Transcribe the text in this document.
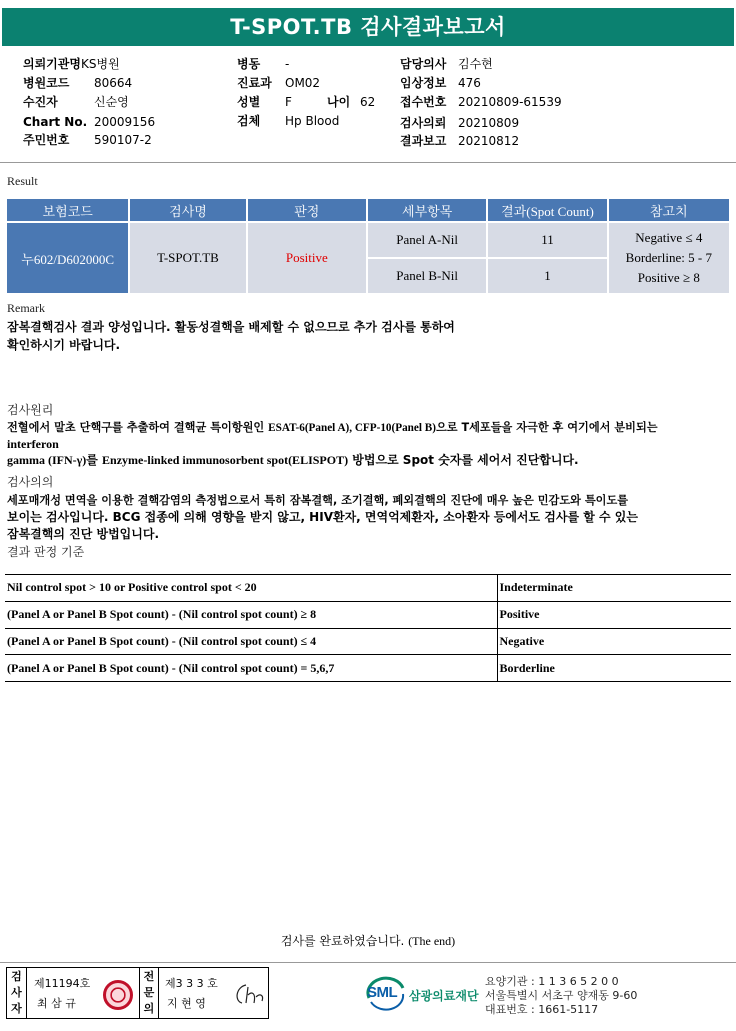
T-SPOT.TB 검사결과보고서
의뢰기관명 KS병원
병원코드 80664
수진자	신순영
Chart No. 20009156
주민번호 590107-2
병동 -
진료과 OM02
성별 F	나이 62
검체 Hp Blood
담당의사 김수현
임상정보 476
접수번호 20210809-61539
검사의뢰 20210809
결과보고 20210812
Result
보험코드	검사명	판정	세부항목	결과(Spot Count)	참고치
누602/D602000C	T-SPOT.TB	Positive	Panel A-Nil	11	Negative ≤ 4
Borderline: 5 - 7
Positive ≥ 8

			Panel B-Nil	1	
Remark
잠복결핵검사 결과 양성입니다. 활동성결핵을 배제할 수 없으므로 추가 검사를 통하여
확인하시기 바랍니다.
검사원리
전혈에서 말초 단핵구를 추출하여 결핵균 특이항원인 ESAT-6(Panel A), CFP-10(Panel B)으로 T세포들을 자극한 후 여기에서 분비되는
interferon
gamma (IFN-γ)를 Enzyme-linked immunosorbent spot(ELISPOT) 방법으로 Spot 숫자를 세어서 진단합니다.
검사의의
세포매개성 면역을 이용한 결핵감염의 측정법으로서 특히 잠복결핵, 조기결핵, 폐외결핵의 진단에 매우 높은 민감도와 특이도를
보이는 검사입니다. BCG 접종에 의해 영향을 받지 않고, HIV환자, 면역억제환자, 소아환자 등에서도 검사를 할 수 있는
잠복결핵의 진단 방법입니다.
결과 판정 기준
Nil control spot > 10 or Positive control spot < 20	Indeterminate
(Panel A or Panel B Spot count) - (Nil control spot count) ≥ 8	Positive
(Panel A or Panel B Spot count) - (Nil control spot count) ≤ 4	Negative
(Panel A or Panel B Spot count) - (Nil control spot count) = 5,6,7	Borderline
검사를 완료하였습니다. (The end)
검
사
자
제11194호
최 삼 규
전
문
의
제3 3 3 호
지 현 영
SML 삼광의료재단
요양기관 : 1 1 3 6 5 2 0 0
서울특별시 서초구 양재동 9-60
대표번호 : 1661-5117
